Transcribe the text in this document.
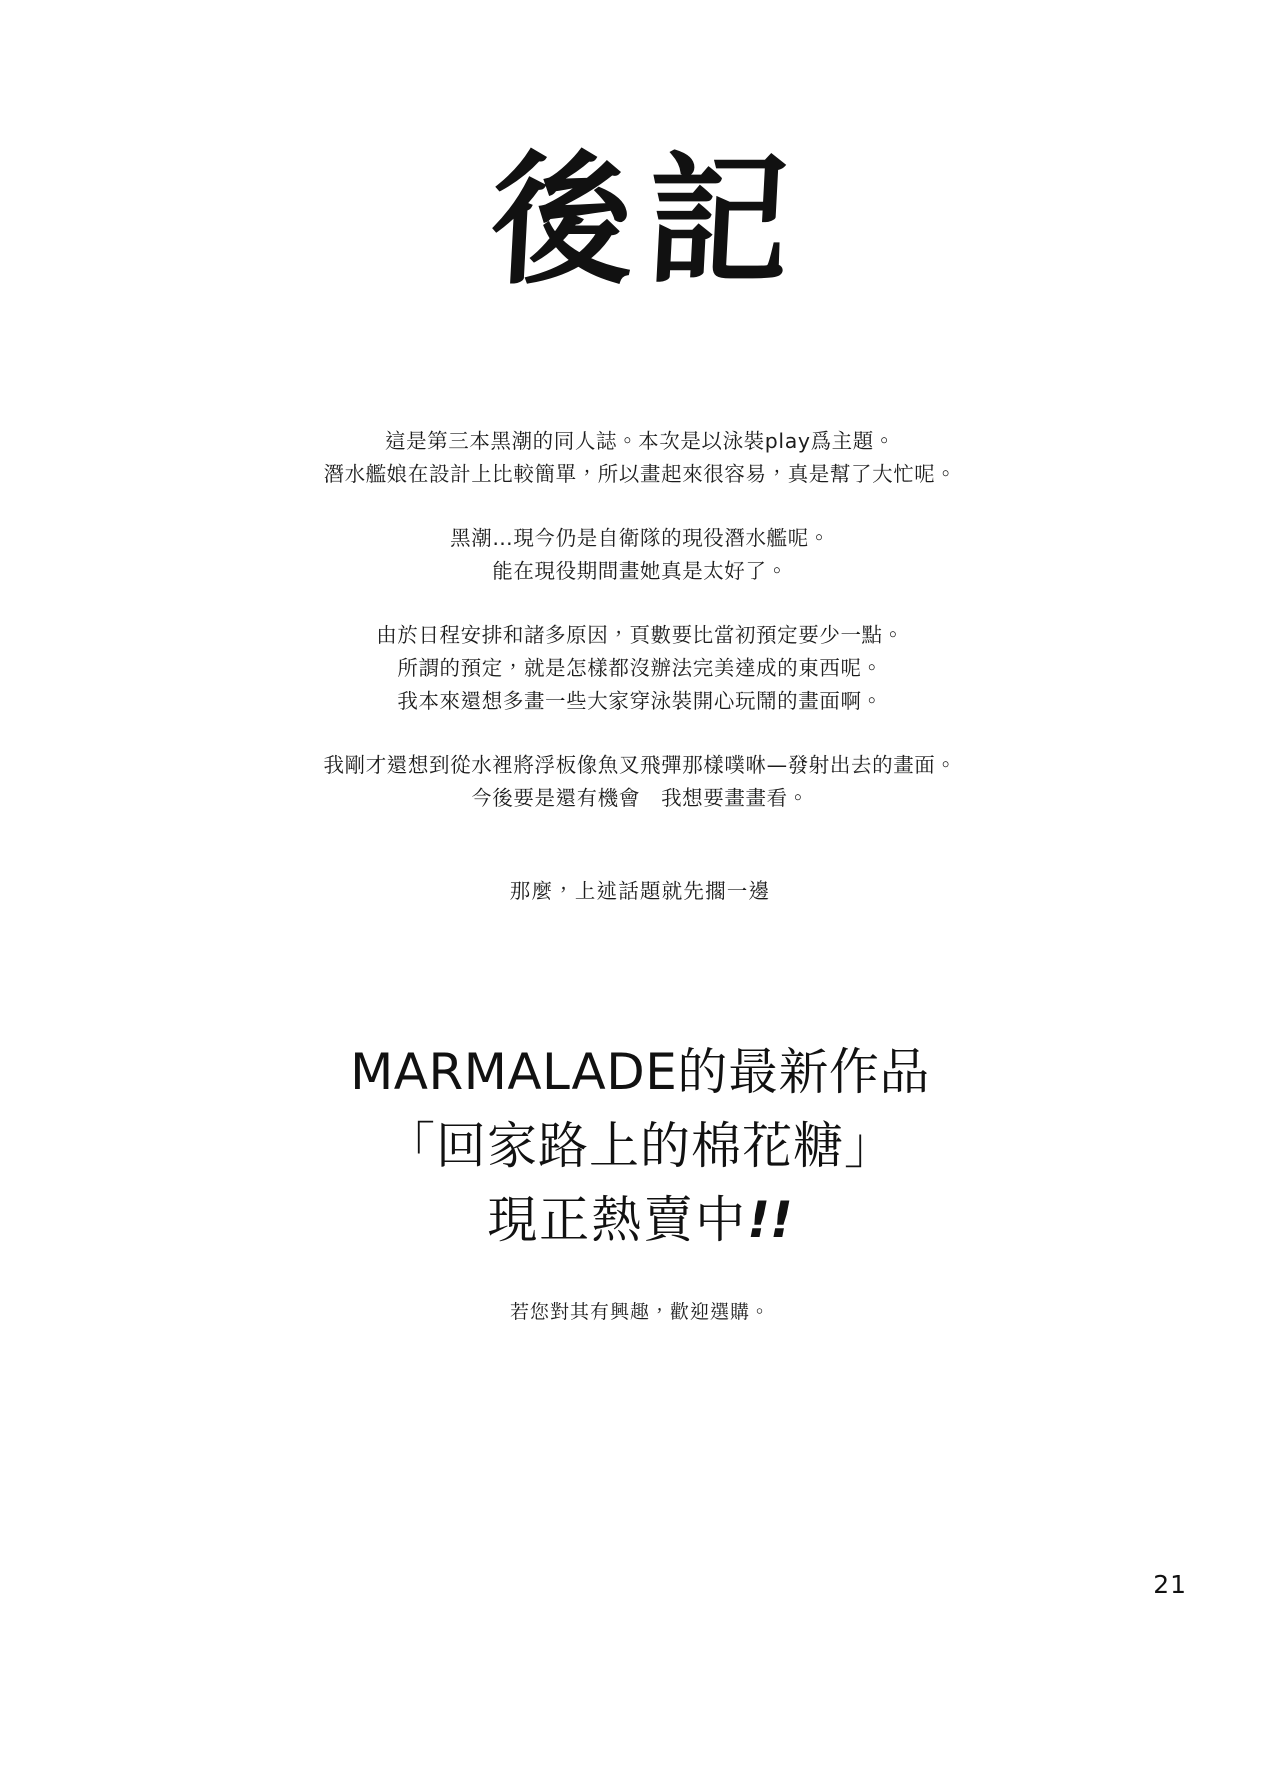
後記

這是第三本黑潮的同人誌。本次是以泳裝play爲主題。
潛水艦娘在設計上比較簡單，所以畫起來很容易，真是幫了大忙呢。

黑潮…現今仍是自衛隊的現役潛水艦呢。
能在現役期間畫她真是太好了。

由於日程安排和諸多原因，頁數要比當初預定要少一點。
所謂的預定，就是怎樣都沒辦法完美達成的東西呢。
我本來還想多畫一些大家穿泳裝開心玩鬧的畫面啊。

我剛才還想到從水裡將浮板像魚叉飛彈那樣噗咻—發射出去的畫面。
今後要是還有機會　我想要畫畫看。

那麼，上述話題就先擱一邊
MARMALADE的最新作品
「回家路上的棉花糖」
現正熱賣中!!
若您對其有興趣，歡迎選購。
21
